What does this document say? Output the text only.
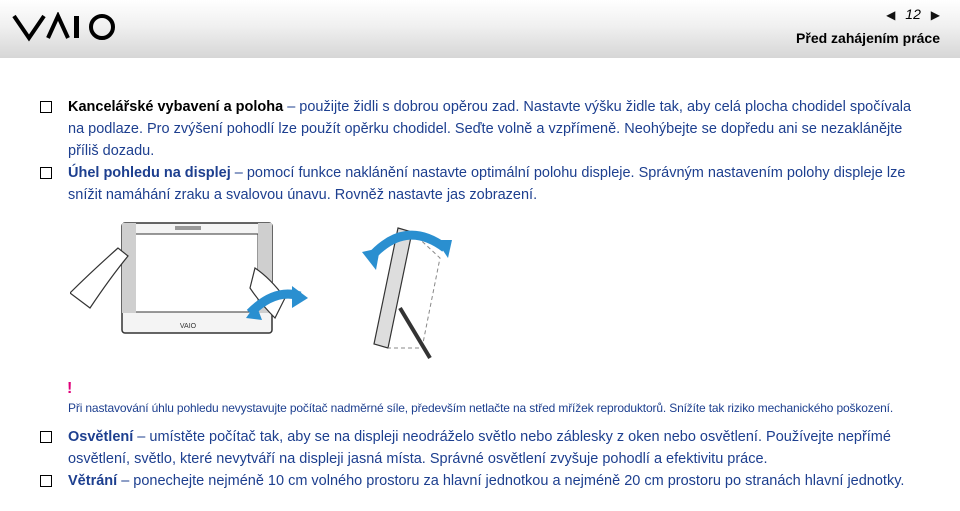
◀ 12 ▶
Před zahájením práce
Kancelářské vybavení a poloha – použijte židli s dobrou opěrou zad. Nastavte výšku židle tak, aby celá plocha chodidel spočívala na podlaze. Pro zvýšení pohodlí lze použít opěrku chodidel. Seďte volně a vzpřímeně. Neohýbejte se dopředu ani se nezaklánějte příliš dozadu.
Úhel pohledu na displej – pomocí funkce naklánění nastavte optimální polohu displeje. Správným nastavením polohy displeje lze snížit namáhání zraku a svalovou únavu. Rovněž nastavte jas zobrazení.
VAIO
!
Při nastavování úhlu pohledu nevystavujte počítač nadměrné síle, především netlačte na střed mřížek reproduktorů. Snížíte tak riziko mechanického poškození.
Osvětlení – umístěte počítač tak, aby se na displeji neodráželo světlo nebo záblesky z oken nebo osvětlení. Používejte nepřímé osvětlení, světlo, které nevytváří na displeji jasná místa. Správné osvětlení zvyšuje pohodlí a efektivitu práce.
Větrání – ponechejte nejméně 10 cm volného prostoru za hlavní jednotkou a nejméně 20 cm prostoru po stranách hlavní jednotky.
